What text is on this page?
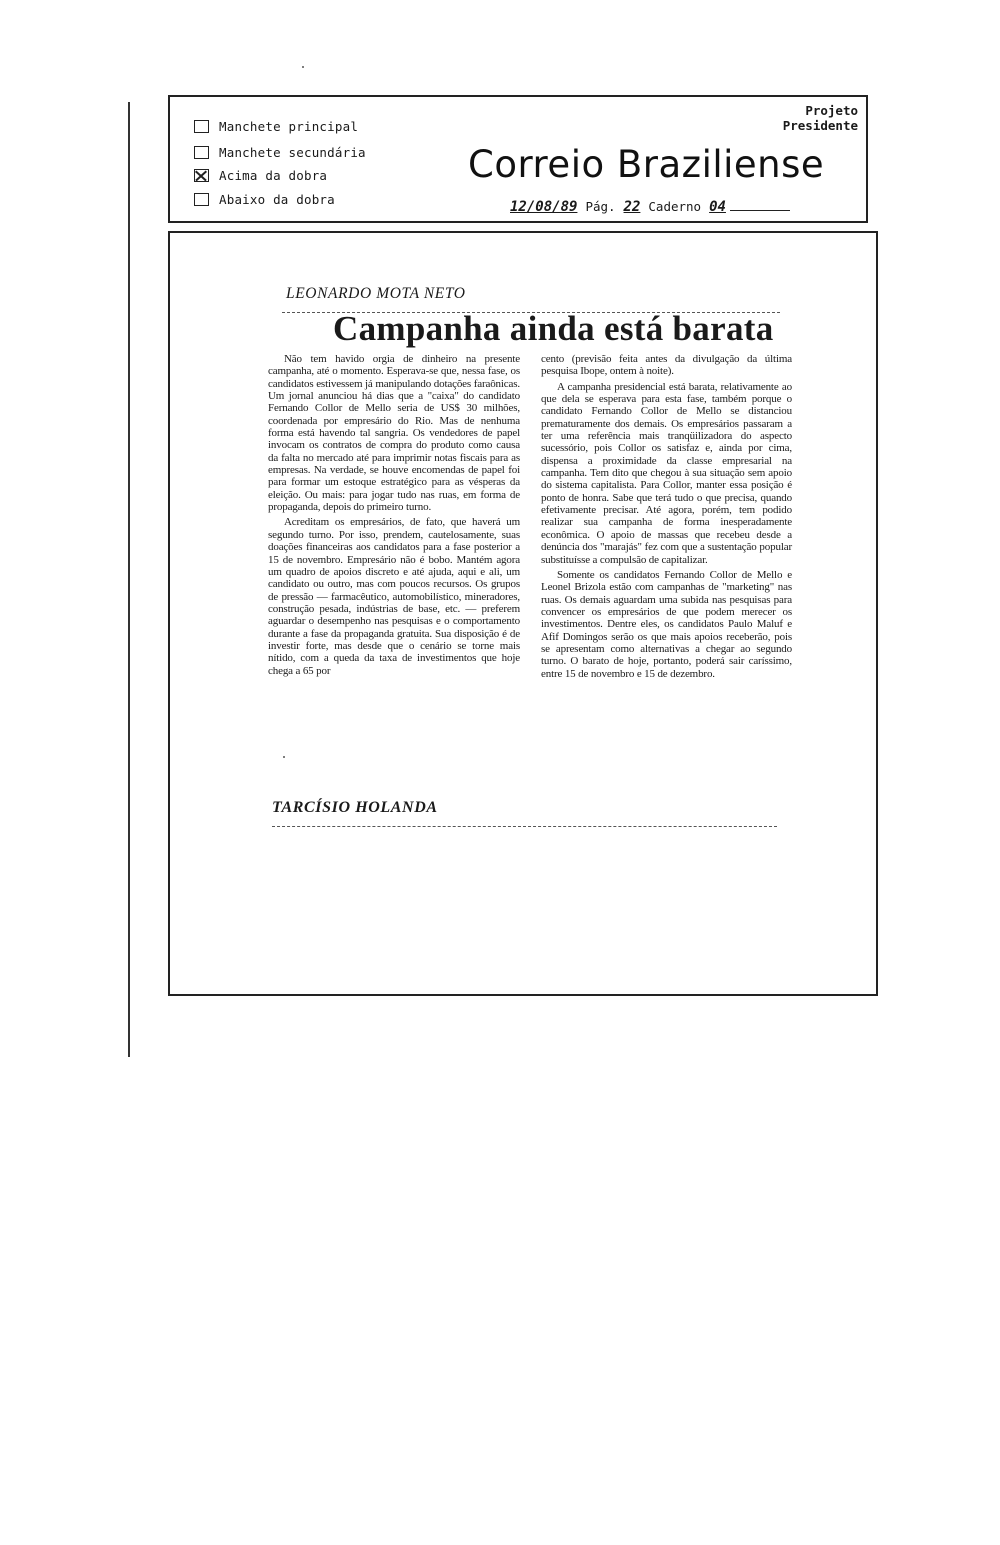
Manchete principal
Manchete secundária
Acima da dobra
Abaixo da dobra
Projeto
Presidente
Correio Braziliense
12/08/89 Pág. 22 Caderno 04
LEONARDO MOTA NETO
Campanha ainda está barata

Não tem havido orgia de dinheiro na presente campanha, até o momento. Esperava-se que, nessa fase, os candidatos estivessem já manipulando dotações faraônicas. Um jornal anunciou há dias que a "caixa" do candidato Fernando Collor de Mello seria de US$ 30 milhões, coordenada por empresário do Rio. Mas de nenhuma forma está havendo tal sangria. Os vendedores de papel invocam os contratos de compra do produto como causa da falta no mercado até para imprimir notas fiscais para as empresas. Na verdade, se houve encomendas de papel foi para formar um estoque estratégico para as vésperas da eleição. Ou mais: para jogar tudo nas ruas, em forma de propaganda, depois do primeiro turno.

Acreditam os empresários, de fato, que haverá um segundo turno. Por isso, prendem, cautelosamente, suas doações financeiras aos candidatos para a fase posterior a 15 de novembro. Empresário não é bobo. Mantém agora um quadro de apoios discreto e até ajuda, aqui e ali, um candidato ou outro, mas com poucos recursos. Os grupos de pressão — farmacêutico, automobilístico, mineradores, construção pesada, indústrias de base, etc. — preferem aguardar o desempenho nas pesquisas e o comportamento durante a fase da propaganda gratuita. Sua disposição é de investir forte, mas desde que o cenário se torne mais nítido, com a queda da taxa de investimentos que hoje chega a 65 por

cento (previsão feita antes da divulgação da última pesquisa Ibope, ontem à noite).

A campanha presidencial está barata, relativamente ao que dela se esperava para esta fase, também porque o candidato Fernando Collor de Mello se distanciou prematuramente dos demais. Os empresários passaram a ter uma referência mais tranqüilizadora do aspecto sucessório, pois Collor os satisfaz e, ainda por cima, dispensa a proximidade da classe empresarial na campanha. Tem dito que chegou à sua situação sem apoio do sistema capitalista. Para Collor, manter essa posição é ponto de honra. Sabe que terá tudo o que precisa, quando efetivamente precisar. Até agora, porém, tem podido realizar sua campanha de forma inesperadamente econômica. O apoio de massas que recebeu desde a denúncia dos "marajás" fez com que a sustentação popular substituísse a compulsão de capitalizar.

Somente os candidatos Fernando Collor de Mello e Leonel Brizola estão com campanhas de "marketing" nas ruas. Os demais aguardam uma subida nas pesquisas para convencer os empresários de que podem merecer os investimentos. Dentre eles, os candidatos Paulo Maluf e Afif Domingos serão os que mais apoios receberão, pois se apresentam como alternativas a chegar ao segundo turno. O barato de hoje, portanto, poderá sair caríssimo, entre 15 de novembro e 15 de dezembro.

TARCÍSIO HOLANDA
